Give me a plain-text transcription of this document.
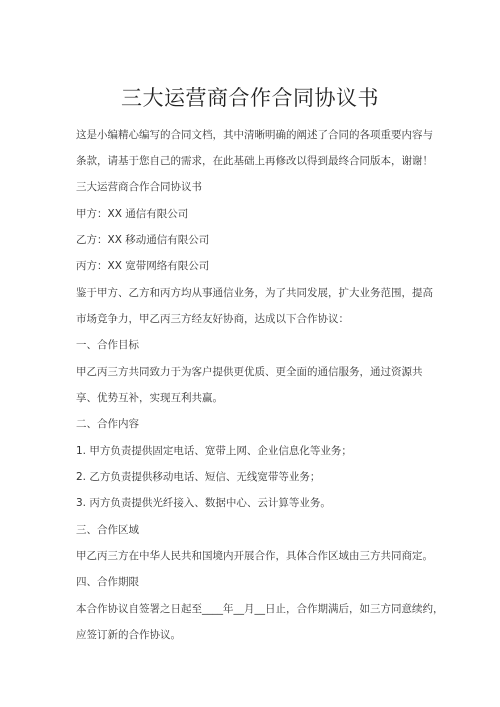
三大运营商合作合同协议书
这是小编精心编写的合同文档，其中清晰明确的阐述了合同的各项重要内容与
条款，请基于您自己的需求，在此基础上再修改以得到最终合同版本，谢谢！
三大运营商合作合同协议书
甲方：XX 通信有限公司
乙方：XX 移动通信有限公司
丙方：XX 宽带网络有限公司
鉴于甲方、乙方和丙方均从事通信业务，为了共同发展，扩大业务范围，提高
市场竞争力，甲乙丙三方经友好协商，达成以下合作协议：
一、合作目标
甲乙丙三方共同致力于为客户提供更优质、更全面的通信服务，通过资源共
享、优势互补，实现互利共赢。
二、合作内容
1. 甲方负责提供固定电话、宽带上网、企业信息化等业务；
2. 乙方负责提供移动电话、短信、无线宽带等业务；
3. 丙方负责提供光纤接入、数据中心、云计算等业务。
三、合作区域
甲乙丙三方在中华人民共和国境内开展合作，具体合作区域由三方共同商定。
四、合作期限
本合作协议自签署之日起至____年__月__日止，合作期满后，如三方同意续约，
应签订新的合作协议。
